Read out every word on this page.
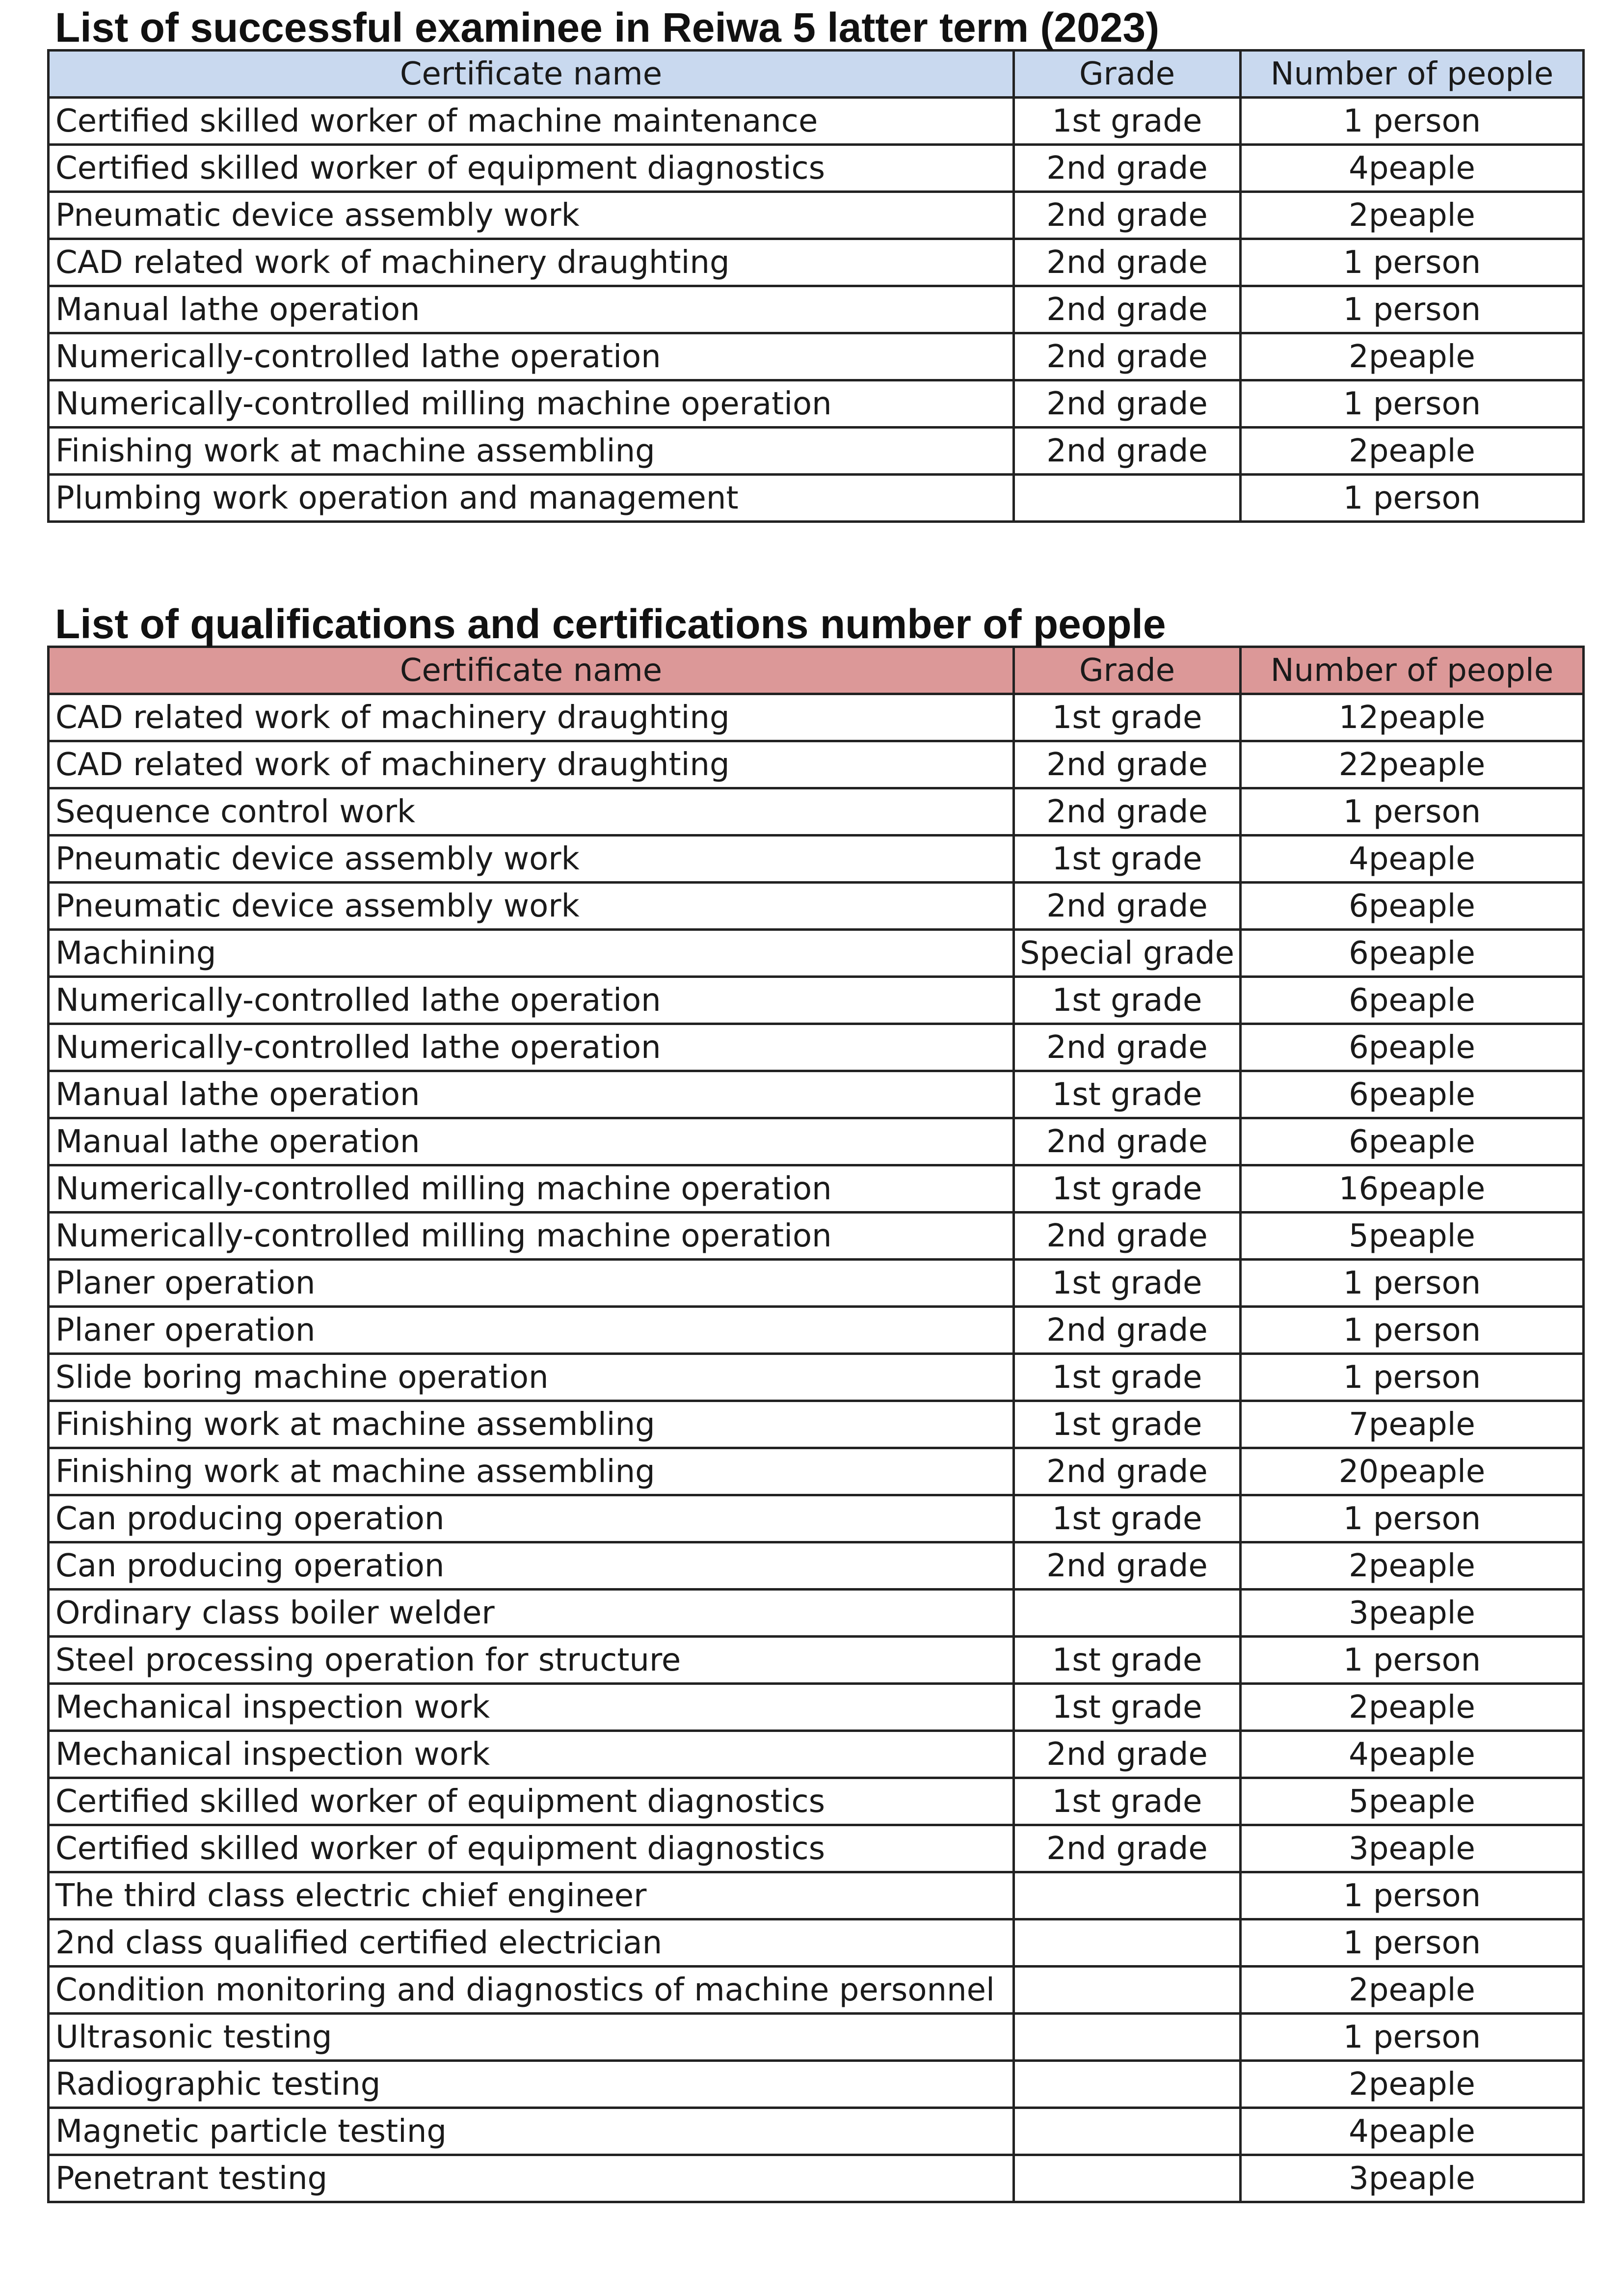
List of successful examinee in Reiwa 5 latter term (2023)
Certificate name	Grade	Number of people
Certified skilled worker of machine maintenance	1st grade	1 person
Certified skilled worker of equipment diagnostics	2nd grade	4peaple
Pneumatic device assembly work	2nd grade	2peaple
CAD related work of machinery draughting	2nd grade	1 person
Manual lathe operation	2nd grade	1 person
Numerically-controlled lathe operation	2nd grade	2peaple
Numerically-controlled milling machine operation	2nd grade	1 person
Finishing work at machine assembling	2nd grade	2peaple
Plumbing work operation and management		1 person
List of qualifications and certifications number of people
Certificate name	Grade	Number of people
CAD related work of machinery draughting	1st grade	12peaple
CAD related work of machinery draughting	2nd grade	22peaple
Sequence control work	2nd grade	1 person
Pneumatic device assembly work	1st grade	4peaple
Pneumatic device assembly work	2nd grade	6peaple
Machining	Special grade	6peaple
Numerically-controlled lathe operation	1st grade	6peaple
Numerically-controlled lathe operation	2nd grade	6peaple
Manual lathe operation	1st grade	6peaple
Manual lathe operation	2nd grade	6peaple
Numerically-controlled milling machine operation	1st grade	16peaple
Numerically-controlled milling machine operation	2nd grade	5peaple
Planer operation	1st grade	1 person
Planer operation	2nd grade	1 person
Slide boring machine operation	1st grade	1 person
Finishing work at machine assembling	1st grade	7peaple
Finishing work at machine assembling	2nd grade	20peaple
Can producing operation	1st grade	1 person
Can producing operation	2nd grade	2peaple
Ordinary class boiler welder		3peaple
Steel processing operation for structure	1st grade	1 person
Mechanical inspection work	1st grade	2peaple
Mechanical inspection work	2nd grade	4peaple
Certified skilled worker of equipment diagnostics	1st grade	5peaple
Certified skilled worker of equipment diagnostics	2nd grade	3peaple
The third class electric chief engineer		1 person
2nd class qualified certified electrician		1 person
Condition monitoring and diagnostics of machine personnel		2peaple
Ultrasonic testing		1 person
Radiographic testing		2peaple
Magnetic particle testing		4peaple
Penetrant testing		3peaple
